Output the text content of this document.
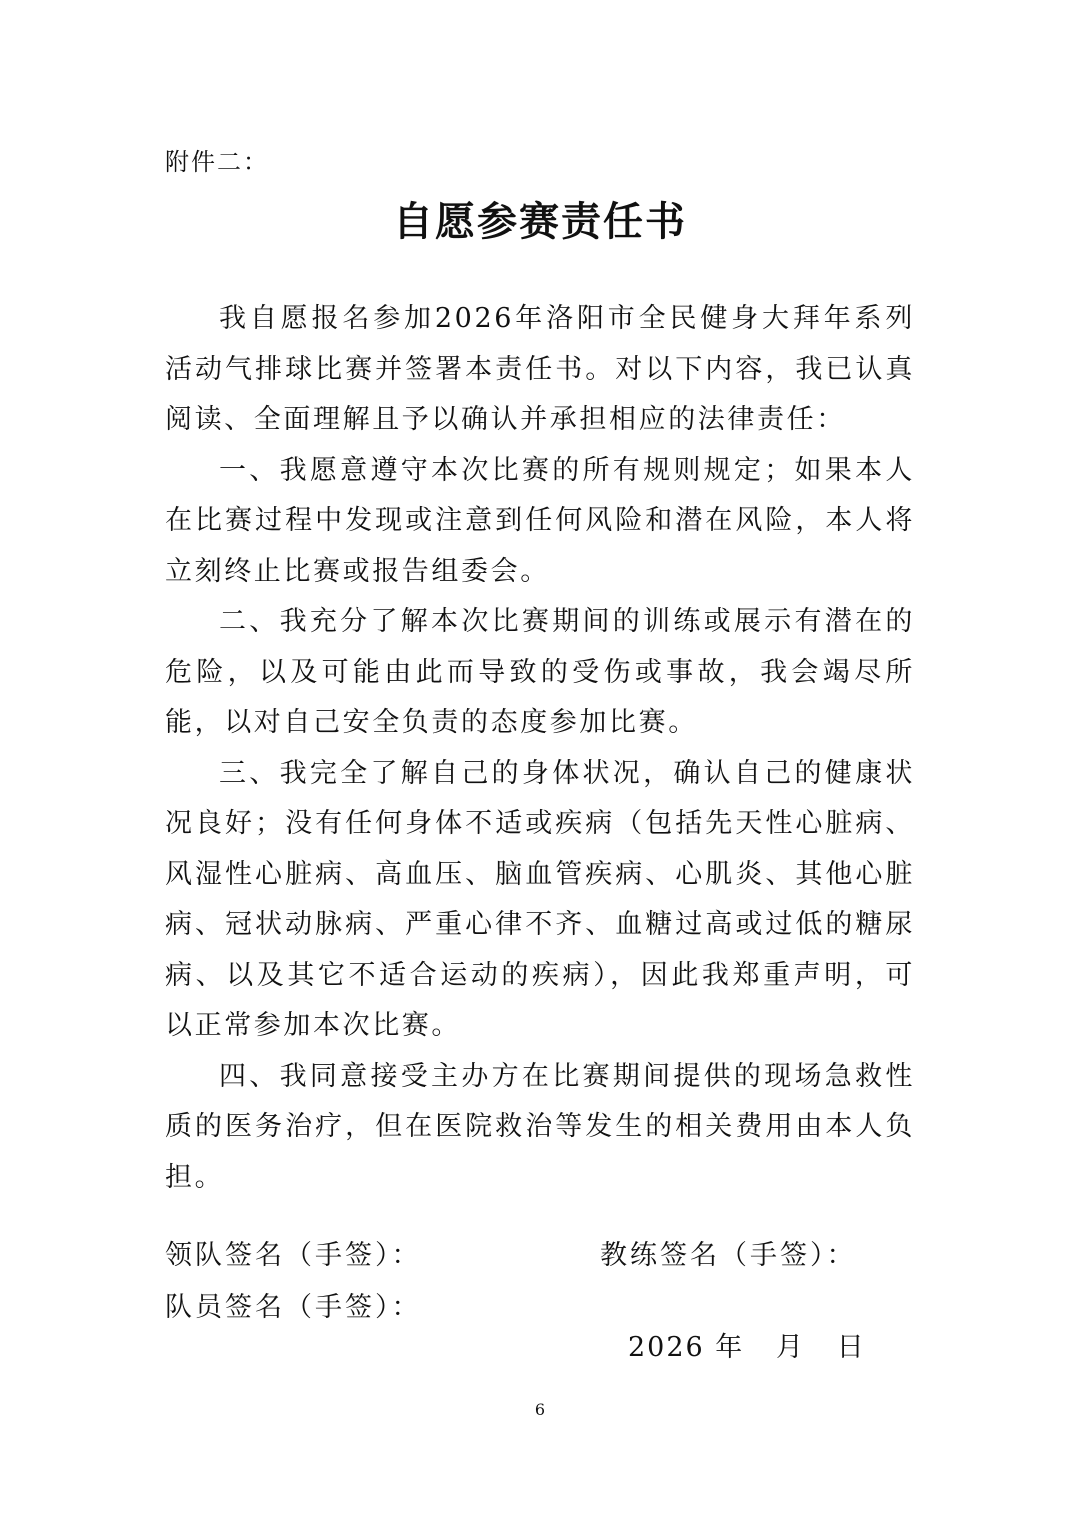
附件二：
自愿参赛责任书

我自愿报名参加2026年洛阳市全民健身大拜年系列活动气排球比赛并签署本责任书。对以下内容，我已认真阅读、全面理解且予以确认并承担相应的法律责任：

一、我愿意遵守本次比赛的所有规则规定；如果本人在比赛过程中发现或注意到任何风险和潜在风险，本人将立刻终止比赛或报告组委会。

二、我充分了解本次比赛期间的训练或展示有潜在的危险，以及可能由此而导致的受伤或事故，我会竭尽所能，以对自己安全负责的态度参加比赛。

三、我完全了解自己的身体状况，确认自己的健康状况良好；没有任何身体不适或疾病（包括先天性心脏病、风湿性心脏病、高血压、脑血管疾病、心肌炎、其他心脏病、冠状动脉病、严重心律不齐、血糖过高或过低的糖尿病、以及其它不适合运动的疾病），因此我郑重声明，可以正常参加本次比赛。

四、我同意接受主办方在比赛期间提供的现场急救性质的医务治疗，但在医院救治等发生的相关费用由本人负担。

领队签名（手签）：	教练签名（手签）：
队员签名（手签）：
2026 年   月   日
6
